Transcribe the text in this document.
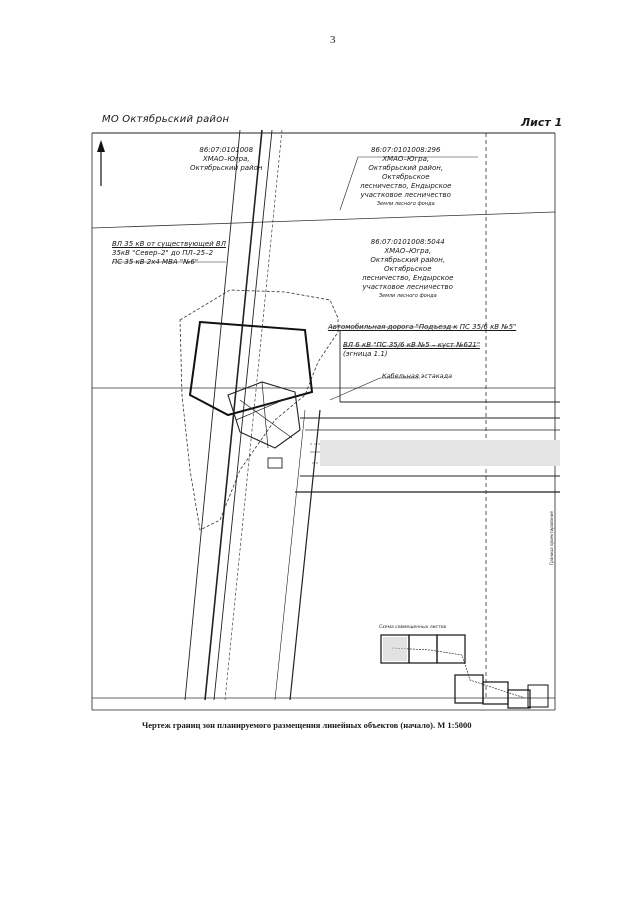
3
МО Октябрьский район	Лист 1
86:07:0101008
ХМАО–Югра,
Октябрьский район
86:07:0101008:296
ХМАО–Югра,
Октябрьский район,
Октябрьское
лесничество, Ендырское
участковое лесничество
Земли лесного фонда
86:07:0101008:5044
ХМАО–Югра,
Октябрьский район,
Октябрьское
лесничество, Ендырское
участковое лесничество
Земли лесного фонда
ВЛ 35 кВ от существующей ВЛ
35кВ "Север–2" до ПЛ–25–2
ПС 35 кВ 2х4 МВА "№6"
Автомобильная дорога "Подъезд к ПС 35/6 кВ №5"
ВЛ 6 кВ "ПС 35/6 кВ №5 – куст №621"
(эгница 1.1)
Кабельная эстакада
Схема совмещенных листов
Граница проектирования
Чертеж границ зон планируемого размещения линейных объектов (начало). М 1:5000
